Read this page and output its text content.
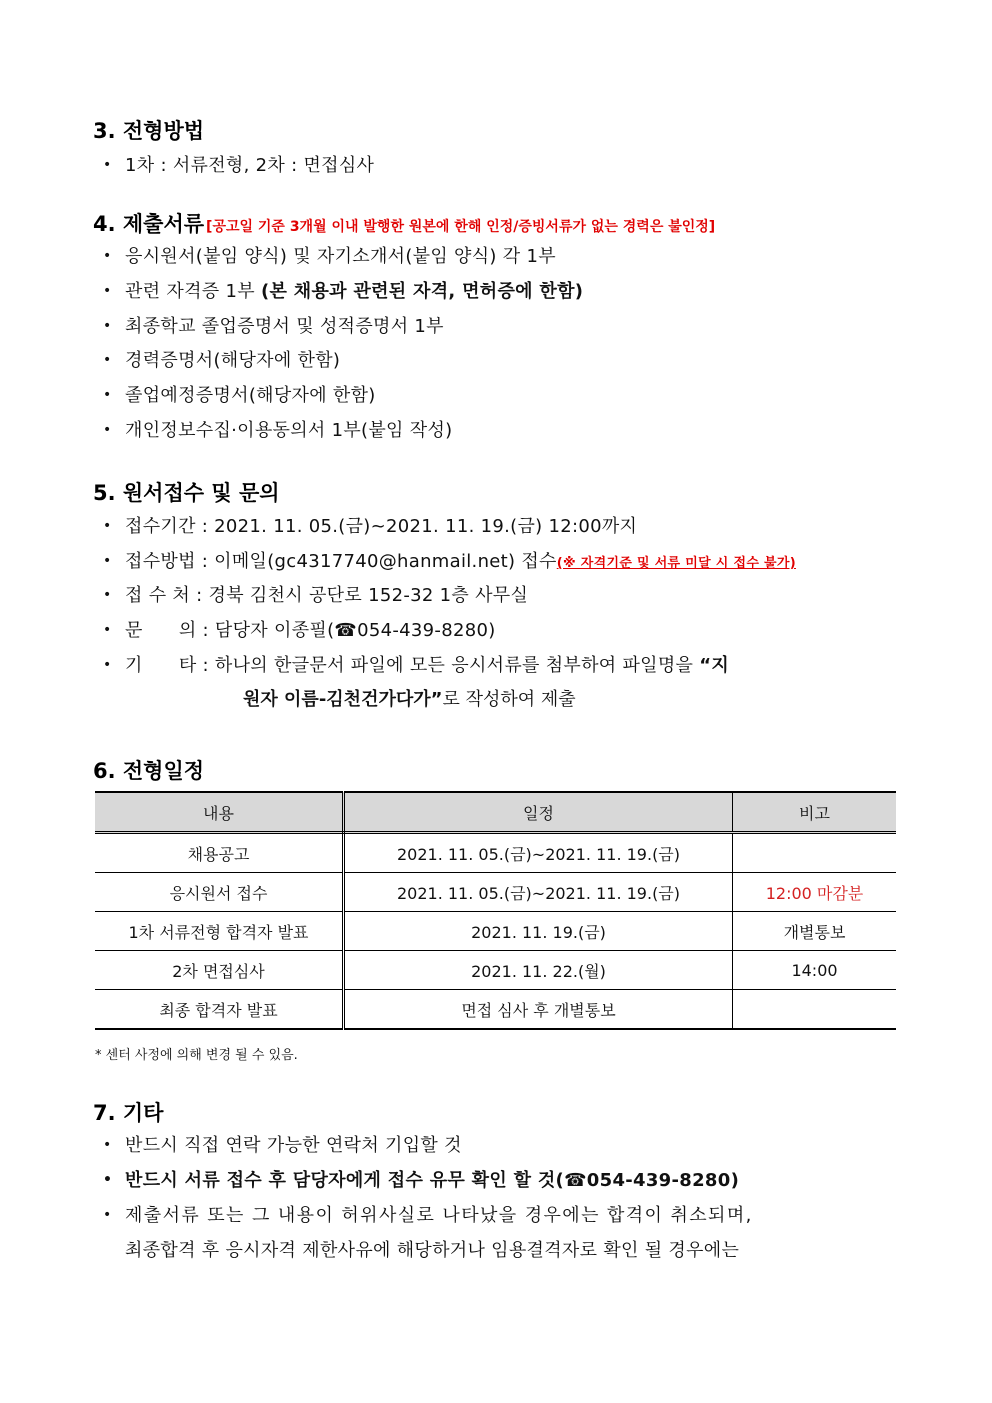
3. 전형방법
• 1차 : 서류전형, 2차 : 면접심사
4. 제출서류 [공고일 기준 3개월 이내 발행한 원본에 한해 인정/증빙서류가 없는 경력은 불인정]
• 응시원서(붙임 양식) 및 자기소개서(붙임 양식) 각 1부
• 관련 자격증 1부 (본 채용과 관련된 자격, 면허증에 한함)
• 최종학교 졸업증명서 및 성적증명서 1부
• 경력증명서(해당자에 한함)
• 졸업예정증명서(해당자에 한함)
• 개인정보수집·이용동의서 1부(붙임 작성)
5. 원서접수 및 문의
• 접수기간 : 2021. 11. 05.(금)~2021. 11. 19.(금) 12:00까지
• 접수방법 : 이메일(gc4317740@hanmail.net) 접수(※ 자격기준 및 서류 미달 시 접수 불가)
• 접 수 처 : 경북 김천시 공단로 152-32 1층 사무실
• 문      의 : 담당자 이종필(☎054-439-8280)
• 기      타 : 하나의 한글문서 파일에 모든 응시서류를 첨부하여 파일명을 “지
원자 이름-김천건가다가”로 작성하여 제출
6. 전형일정
내용	일정	비고
채용공고	2021. 11. 05.(금)~2021. 11. 19.(금)	
응시원서 접수	2021. 11. 05.(금)~2021. 11. 19.(금)	12:00 마감분
1차 서류전형 합격자 발표	2021. 11. 19.(금)	개별통보
2차 면접심사	2021. 11. 22.(월)	14:00
최종 합격자 발표	면접 심사 후 개별통보	
* 센터 사정에 의해 변경 될 수 있음.
7. 기타
• 반드시 직접 연락 가능한 연락처 기입할 것
• 반드시 서류 접수 후 담당자에게 접수 유무 확인 할 것(☎054-439-8280)
• 제출서류 또는 그 내용이 허위사실로 나타났을 경우에는 합격이 취소되며,
최종합격 후 응시자격 제한사유에 해당하거나 임용결격자로 확인 될 경우에는
